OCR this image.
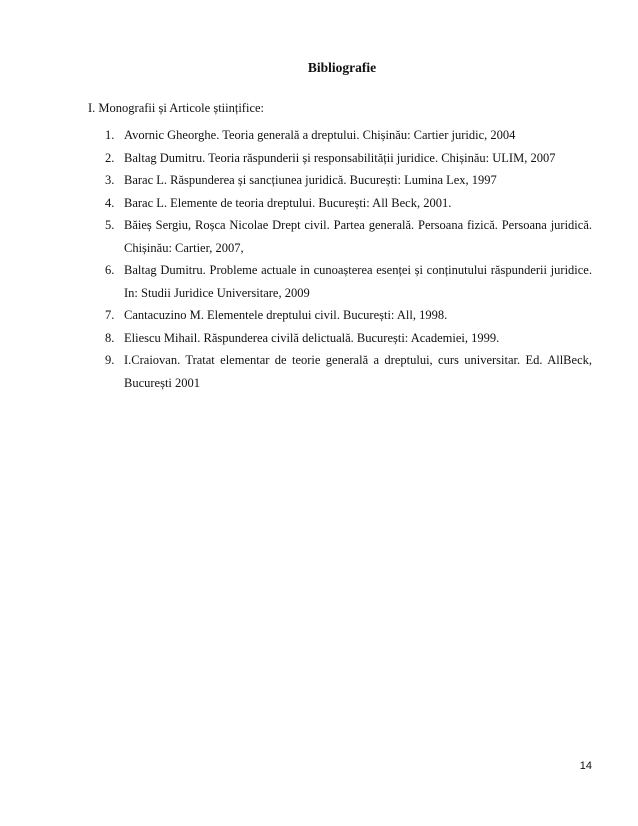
Bibliografie
I. Monografii și Articole științifice:
1. Avornic Gheorghe. Teoria generală a dreptului. Chișinău: Cartier juridic, 2004
2. Baltag Dumitru. Teoria răspunderii și responsabilității juridice. Chișinău: ULIM, 2007
3. Barac L. Răspunderea și sancțiunea juridică. București: Lumina Lex, 1997
4. Barac L. Elemente de teoria dreptului. București: All Beck, 2001.
5. Băieș Sergiu, Roșca Nicolae Drept civil. Partea generală. Persoana fizică. Persoana juridică. Chișinău: Cartier, 2007,
6. Baltag Dumitru. Probleme actuale in cunoașterea esenței și conținutului răspunderii juridice. In: Studii Juridice Universitare, 2009
7. Cantacuzino M. Elementele dreptului civil. București: All, 1998.
8. Eliescu Mihail. Răspunderea civilă delictuală. București: Academiei, 1999.
9. I.Craiovan. Tratat elementar de teorie generală a dreptului, curs universitar. Ed. AllBeck, București 2001
14
